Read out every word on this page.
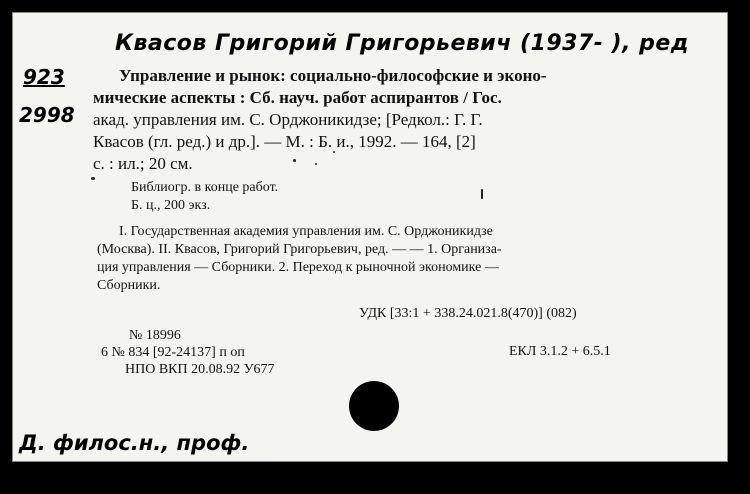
Квасов Григорий Григорьевич (1937- ), ред
923
2998
Управление и рынок: социально-философские и эконо-
мические аспекты : Сб. науч. работ аспирантов / Гос.
акад. управления им. С. Орджоникидзе; [Редкол.: Г. Г.
Квасов (гл. ред.) и др.]. — М. : Б. и., 1992. — 164, [2]
с. : ил.; 20 см.
Библиогр. в конце работ.
Б. ц., 200 экз.
I. Государственная академия управления им. С. Орджоникидзе
(Москва). II. Квасов, Григорий Григорьевич, ред. — — 1. Организа-
ция управления — Сборники. 2. Переход к рыночной экономике —
Сборники.
УДК [33:1 + 338.24.021.8(470)] (082)
№ 18996
6 № 834 [92-24137] п оп
НПО ВКП 20.08.92 У677
ЕКЛ 3.1.2 + 6.5.1
Д. филос.н., проф.
